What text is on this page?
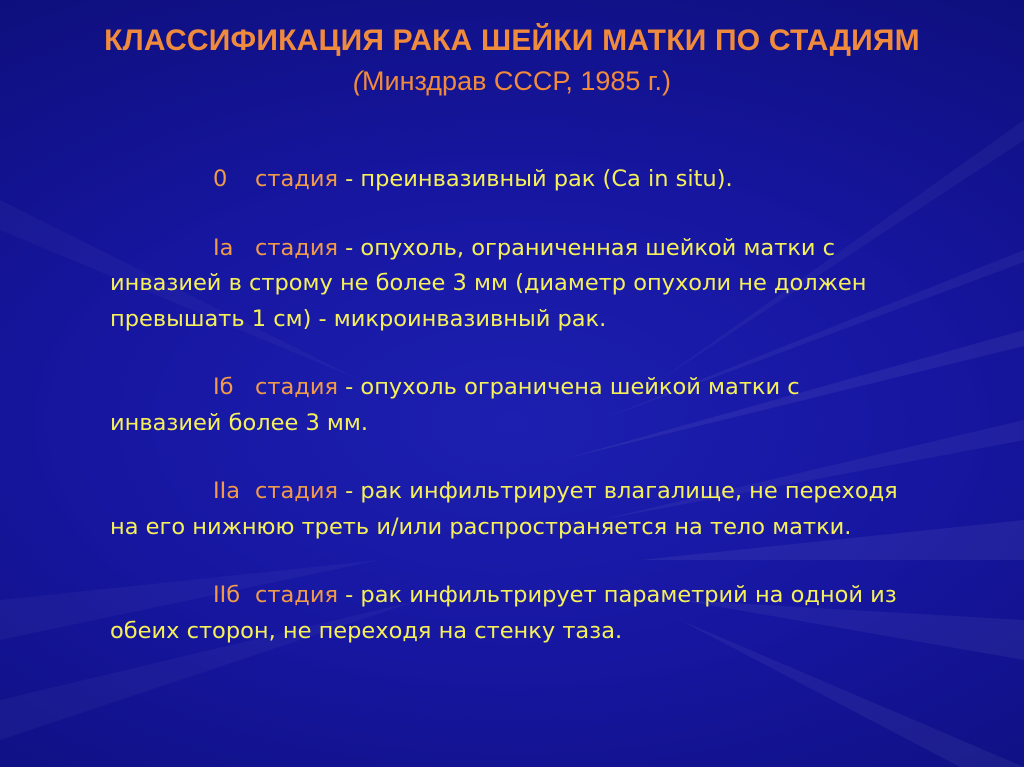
КЛАССИФИКАЦИЯ РАКА ШЕЙКИ МАТКИ ПО СТАДИЯМ
(Минздрав СССР, 1985 г.)

0 стадия - преинвазивный рак (Ca in situ).

Ia стадия - опухоль, ограниченная шейкой матки с инвазией в строму не более 3 мм (диаметр опухоли не должен превышать 1 см) - микроинвазивный рак.

Iб стадия - опухоль ограничена шейкой матки с инвазией более 3 мм.

IIa стадия - рак инфильтрирует влагалище, не переходя на его нижнюю треть и/или распространяется на тело матки.

IIб стадия - рак инфильтрирует параметрий на одной из обеих сторон, не переходя на стенку таза.
